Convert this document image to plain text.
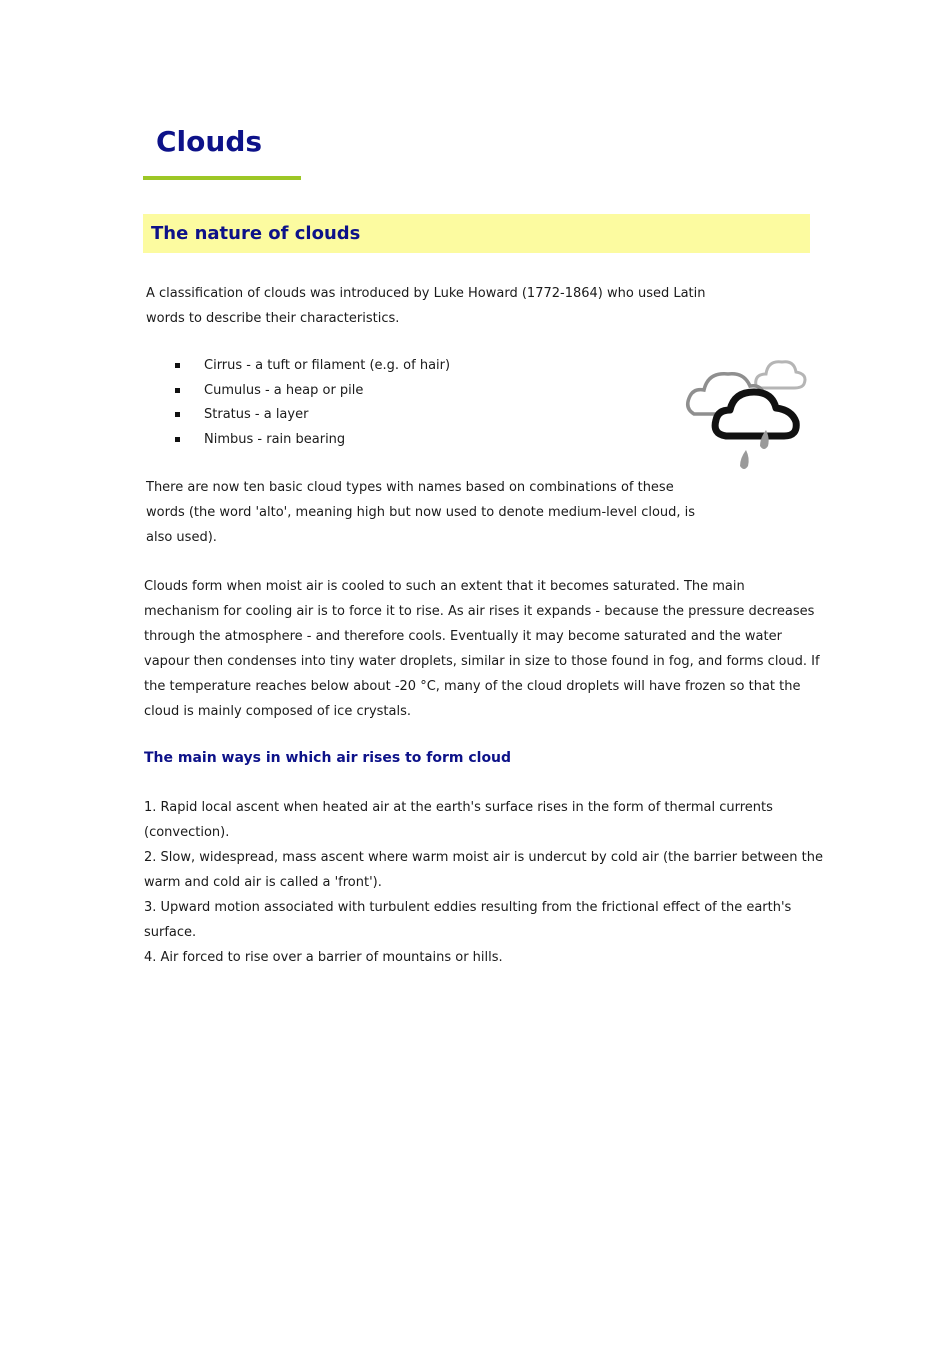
Clouds
The nature of clouds

A classification of clouds was introduced by Luke Howard (1772-1864) who used Latin words to describe their characteristics.

Cirrus - a tuft or filament (e.g. of hair)
Cumulus - a heap or pile
Stratus - a layer
Nimbus - rain bearing

There are now ten basic cloud types with names based on combinations of these words (the word 'alto', meaning high but now used to denote medium-level cloud, is also used).

Clouds form when moist air is cooled to such an extent that it becomes saturated. The main mechanism for cooling air is to force it to rise. As air rises it expands - because the pressure decreases through the atmosphere - and therefore cools. Eventually it may become saturated and the water vapour then condenses into tiny water droplets, similar in size to those found in fog, and forms cloud. If the temperature reaches below about -20 °C, many of the cloud droplets will have frozen so that the cloud is mainly composed of ice crystals.

The main ways in which air rises to form cloud
1. Rapid local ascent when heated air at the earth's surface rises in the form of thermal currents (convection).
2. Slow, widespread, mass ascent where warm moist air is undercut by cold air (the barrier between the warm and cold air is called a 'front').
3. Upward motion associated with turbulent eddies resulting from the frictional effect of the earth's surface.
4. Air forced to rise over a barrier of mountains or hills.
